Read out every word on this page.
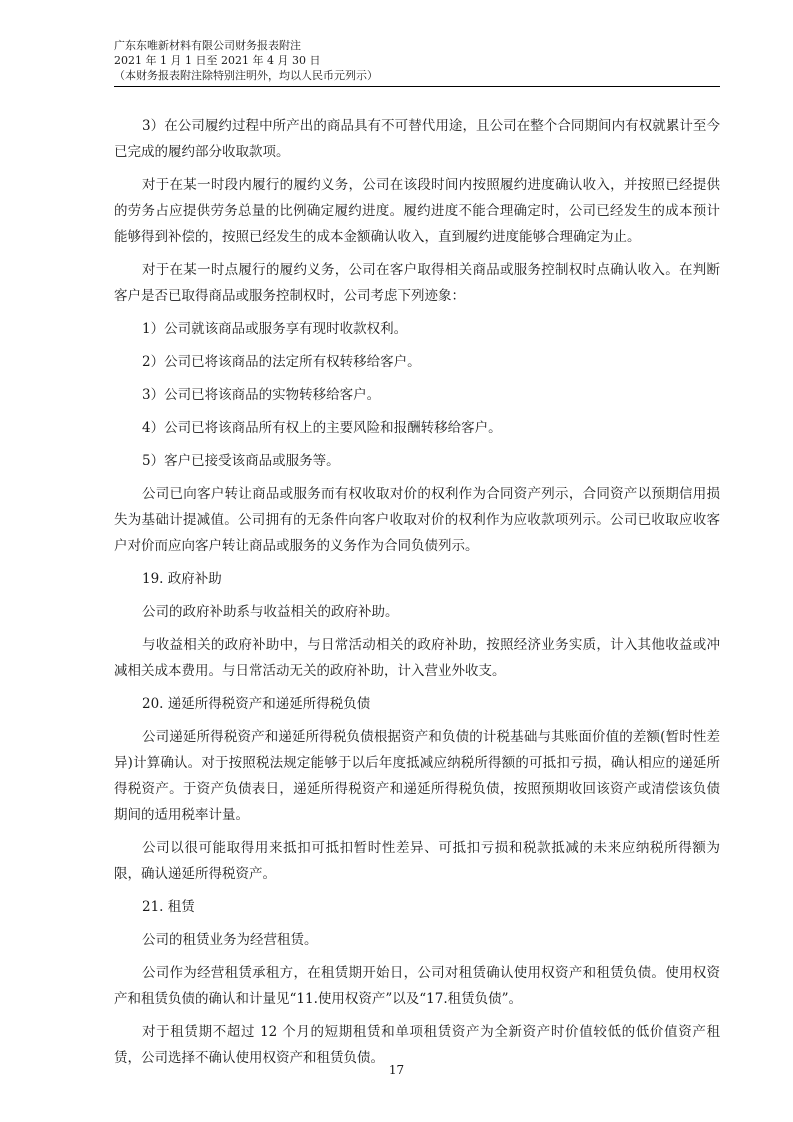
广东东唯新材料有限公司财务报表附注
2021 年 1 月 1 日至 2021 年 4 月 30 日
（本财务报表附注除特别注明外，均以人民币元列示）

3）在公司履约过程中所产出的商品具有不可替代用途，且公司在整个合同期间内有权就累计至今已完成的履约部分收取款项。

对于在某一时段内履行的履约义务，公司在该段时间内按照履约进度确认收入，并按照已经提供的劳务占应提供劳务总量的比例确定履约进度。履约进度不能合理确定时，公司已经发生的成本预计能够得到补偿的，按照已经发生的成本金额确认收入，直到履约进度能够合理确定为止。

对于在某一时点履行的履约义务，公司在客户取得相关商品或服务控制权时点确认收入。在判断客户是否已取得商品或服务控制权时，公司考虑下列迹象：

1）公司就该商品或服务享有现时收款权利。

2）公司已将该商品的法定所有权转移给客户。

3）公司已将该商品的实物转移给客户。

4）公司已将该商品所有权上的主要风险和报酬转移给客户。

5）客户已接受该商品或服务等。

公司已向客户转让商品或服务而有权收取对价的权利作为合同资产列示，合同资产以预期信用损失为基础计提减值。公司拥有的无条件向客户收取对价的权利作为应收款项列示。公司已收取应收客户对价而应向客户转让商品或服务的义务作为合同负债列示。

19. 政府补助

公司的政府补助系与收益相关的政府补助。

与收益相关的政府补助中，与日常活动相关的政府补助，按照经济业务实质，计入其他收益或冲减相关成本费用。与日常活动无关的政府补助，计入营业外收支。

20. 递延所得税资产和递延所得税负债

公司递延所得税资产和递延所得税负债根据资产和负债的计税基础与其账面价值的差额(暂时性差异)计算确认。对于按照税法规定能够于以后年度抵减应纳税所得额的可抵扣亏损，确认相应的递延所得税资产。于资产负债表日，递延所得税资产和递延所得税负债，按照预期收回该资产或清偿该负债期间的适用税率计量。

公司以很可能取得用来抵扣可抵扣暂时性差异、可抵扣亏损和税款抵减的未来应纳税所得额为限，确认递延所得税资产。

21. 租赁

公司的租赁业务为经营租赁。

公司作为经营租赁承租方，在租赁期开始日，公司对租赁确认使用权资产和租赁负债。使用权资产和租赁负债的确认和计量见“11.使用权资产”以及“17.租赁负债”。

对于租赁期不超过 12 个月的短期租赁和单项租赁资产为全新资产时价值较低的低价值资产租赁，公司选择不确认使用权资产和租赁负债。

17
